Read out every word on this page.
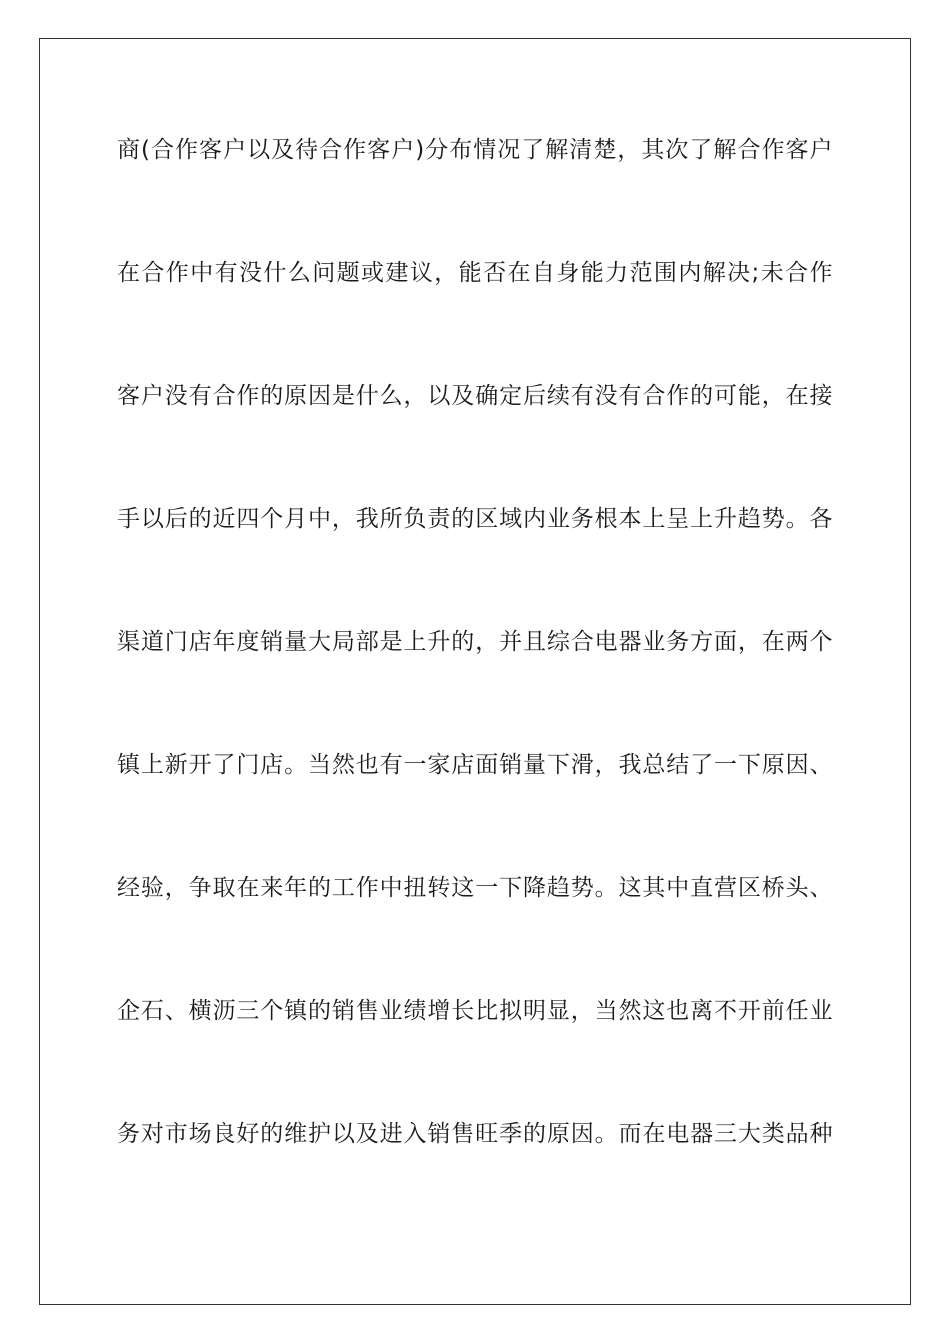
商(合作客户以及待合作客户)分布情况了解清楚，其次了解合作客户

在合作中有没什么问题或建议，能否在自身能力范围内解决;未合作

客户没有合作的原因是什么，以及确定后续有没有合作的可能，在接

手以后的近四个月中，我所负责的区域内业务根本上呈上升趋势。各

渠道门店年度销量大局部是上升的，并且综合电器业务方面，在两个

镇上新开了门店。当然也有一家店面销量下滑，我总结了一下原因、

经验，争取在来年的工作中扭转这一下降趋势。这其中直营区桥头、

企石、横沥三个镇的销售业绩增长比拟明显，当然这也离不开前任业

务对市场良好的维护以及进入销售旺季的原因。而在电器三大类品种
